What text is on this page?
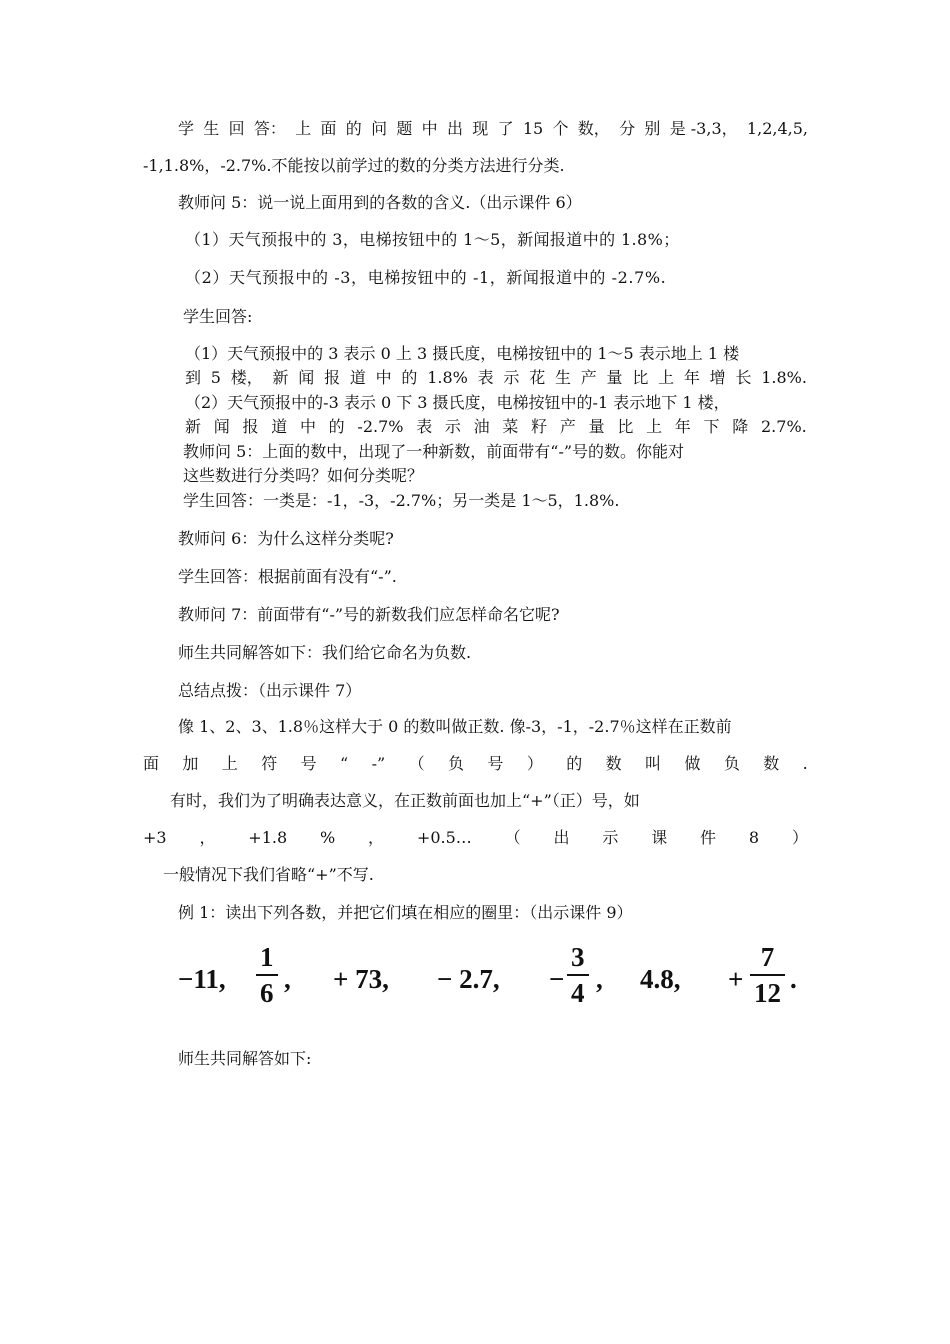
学 生 回 答： 上 面 的 问 题 中 出 现 了 15 个 数， 分 别 是 -3,3， 1,2,4,5,
-1,1.8%，-2.7%.不能按以前学过的数的分类方法进行分类.
教师问 5：说一说上面用到的各数的含义.（出示课件 6）
（1）天气预报中的 3，电梯按钮中的 1～5，新闻报道中的 1.8%；
（2）天气预报中的 -3，电梯按钮中的 -1，新闻报道中的 -2.7%.
学生回答:
（1）天气预报中的 3 表示 0 上 3 摄氏度，电梯按钮中的 1～5 表示地上 1 楼
到 5 楼， 新 闻 报 道 中 的 1.8% 表 示 花 生 产 量 比 上 年 增 长 1.8%.
（2）天气预报中的-3 表示 0 下 3 摄氏度，电梯按钮中的-1 表示地下 1 楼，
新 闻 报 道 中 的 -2.7% 表 示 油 菜 籽 产 量 比 上 年 下 降 2.7%.
教师问 5：上面的数中，出现了一种新数，前面带有“-”号的数。你能对
这些数进行分类吗？如何分类呢？
学生回答：一类是：-1，-3，-2.7%；另一类是 1～5，1.8%.
教师问 6：为什么这样分类呢?
学生回答：根据前面有没有“-”.
教师问 7：前面带有“-”号的新数我们应怎样命名它呢?
师生共同解答如下：我们给它命名为负数.
总结点拨：（出示课件 7）
像 1、2、3、1.8％这样大于 0 的数叫做正数. 像-3，-1，-2.7％这样在正数前
面 加 上 符 号 “ -” （ 负 号 ） 的 数 叫 做 负 数 .
有时，我们为了明确表达意义，在正数前面也加上“+”（正）号，如
+3 ， +1.8 % ， +0.5… （ 出 示 课 件 8 ）
一般情况下我们省略“+”不写.
例 1：读出下列各数，并把它们填在相应的圈里：（出示课件 9）
−11,
1
6 , + 73, − 2.7, −
3
4 , 4.8, +
7
12 .
师生共同解答如下:
